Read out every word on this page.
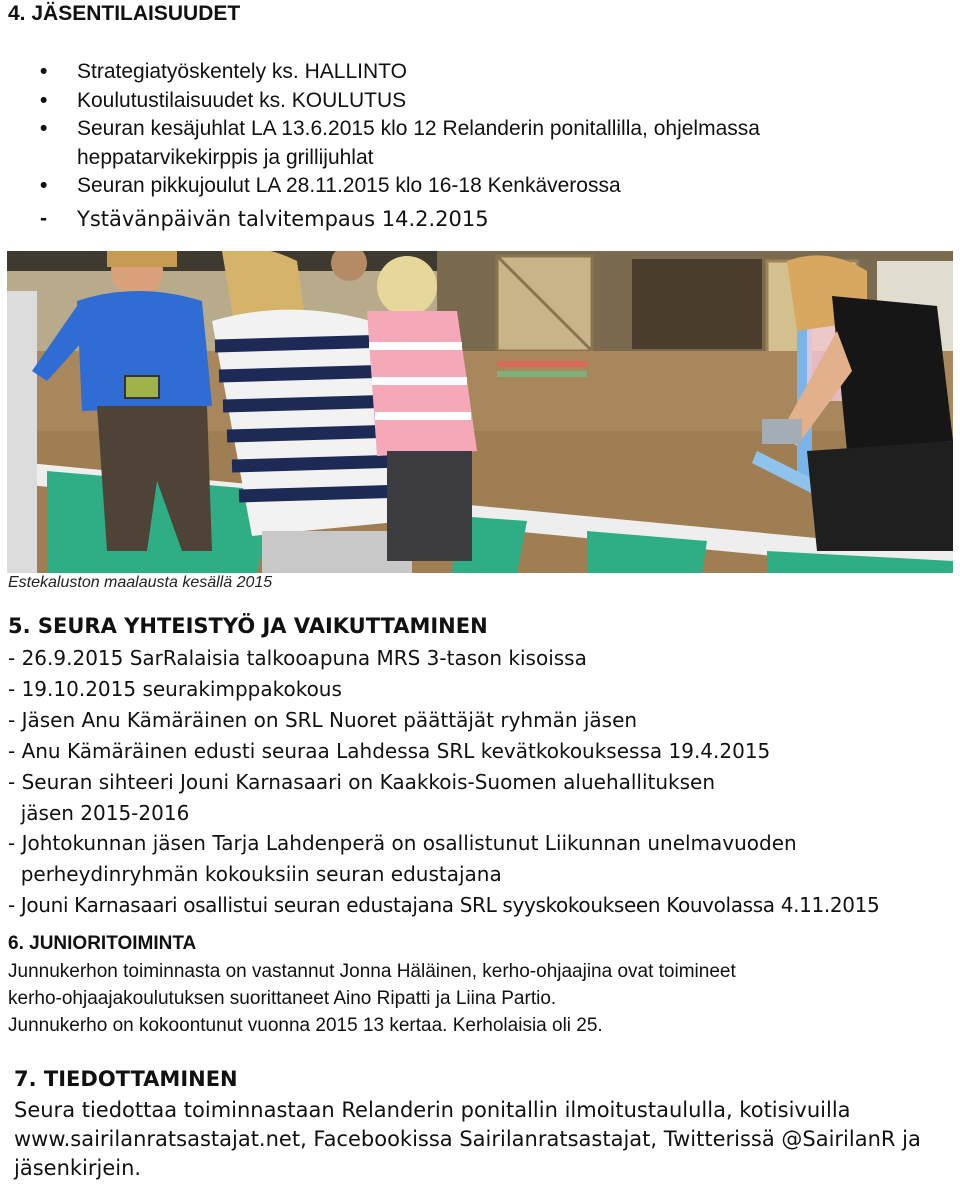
4. JÄSENTILAISUUDET
• Strategiatyöskentely ks. HALLINTO
• Koulutustilaisuudet ks. KOULUTUS
• Seuran kesäjuhlat LA 13.6.2015 klo 12 Relanderin ponitallilla, ohjelmassa heppatarvikekirppis ja grillijuhlat
• Seuran pikkujoulut LA 28.11.2015 klo 16-18 Kenkäverossa
- Ystävänpäivän talvitempaus 14.2.2015
Estekaluston maalausta kesällä 2015
5. SEURA YHTEISTYÖ JA VAIKUTTAMINEN
- 26.9.2015 SarRalaisia talkooapuna MRS 3-tason kisoissa
- 19.10.2015 seurakimppakokous
- Jäsen Anu Kämäräinen on SRL Nuoret päättäjät ryhmän jäsen
- Anu Kämäräinen edusti seuraa Lahdessa SRL kevätkokouksessa 19.4.2015
- Seuran sihteeri Jouni Karnasaari on Kaakkois-Suomen aluehallituksen
jäsen 2015-2016
- Johtokunnan jäsen Tarja Lahdenperä on osallistunut Liikunnan unelmavuoden
perheydinryhmän kokouksiin seuran edustajana
- Jouni Karnasaari osallistui seuran edustajana SRL syyskokoukseen Kouvolassa 4.11.2015
6. JUNIORITOIMINTA
Junnukerhon toiminnasta on vastannut Jonna Häläinen, kerho-ohjaajina ovat toimineet
kerho-ohjaajakoulutuksen suorittaneet Aino Ripatti ja Liina Partio.
Junnukerho on kokoontunut vuonna 2015 13 kertaa. Kerholaisia oli 25.
7. TIEDOTTAMINEN
Seura tiedottaa toiminnastaan Relanderin ponitallin ilmoitustaululla, kotisivuilla
www.sairilanratsastajat.net, Facebookissa Sairilanratsastajat, Twitterissä @SairilanR ja
jäsenkirjein.
